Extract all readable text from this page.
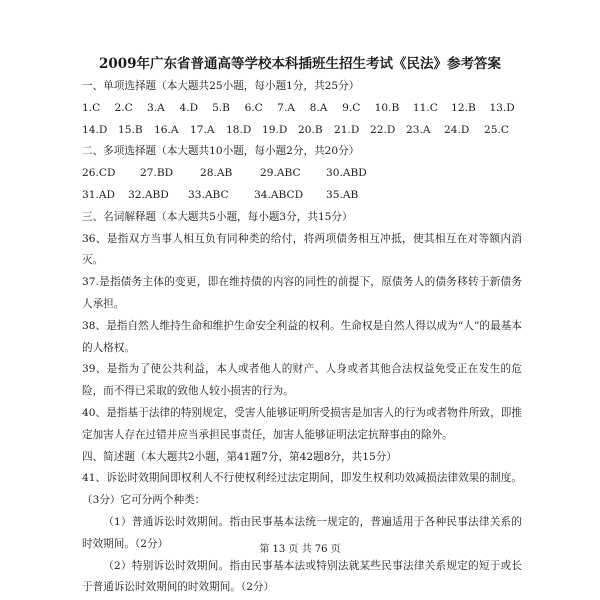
2009年广东省普通高等学校本科插班生招生考试《民法》参考答案
一、单项选择题（本大题共25小题，每小题1分，共25分）
1.C	2.C	3.A	4.D	5.B	6.C	7.A	8.A	9.C	10.B	11.C	12.B	13.D
14.D	15.B	16.A	17.A	18.D	19.D	20.B	21.D	22.D	23.A	24.D	25.C
二、多项选择题（本大题共10小题，每小题2分，共20分）
26.CD	27.BD	28.AB	29.ABC	30.ABD
31.AD	32.ABD	33.ABC	34.ABCD	35.AB
三、名词解释题（本大题共5小题，每小题3分，共15分）
36、是指双方当事人相互负有同种类的给付，将两项债务相互冲抵，使其相互在对等额内消灭。
37.是指债务主体的变更，即在维持债的内容的同性的前提下，原债务人的债务移转于新债务人承担。
38、是指自然人维持生命和维护生命安全利益的权利。生命权是自然人得以成为“人”的最基本的人格权。
39、是指为了使公共利益，本人或者他人的财产、人身或者其他合法权益免受正在发生的危险，而不得已采取的致他人较小损害的行为。
40、是指基于法律的特别规定，受害人能够证明所受损害是加害人的行为或者物件所致，即推定加害人存在过错并应当承担民事责任，加害人能够证明法定抗辩事由的除外。
四、简述题（本大题共2小题，第41题7分，第42题8分，共15分）
41、诉讼时效期间即权利人不行使权利经过法定期间，即发生权利功效减损法律效果的制度。（3分）它可分两个种类：
（1）普通诉讼时效期间。指由民事基本法统一规定的，普遍适用于各种民事法律关系的时效期间。（2分）
（2）特别诉讼时效期间。指由民事基本法或特别法就某些民事法律关系规定的短于或长于普通诉讼时效期间的时效期间。（2分）
第 13 页 共 76 页
